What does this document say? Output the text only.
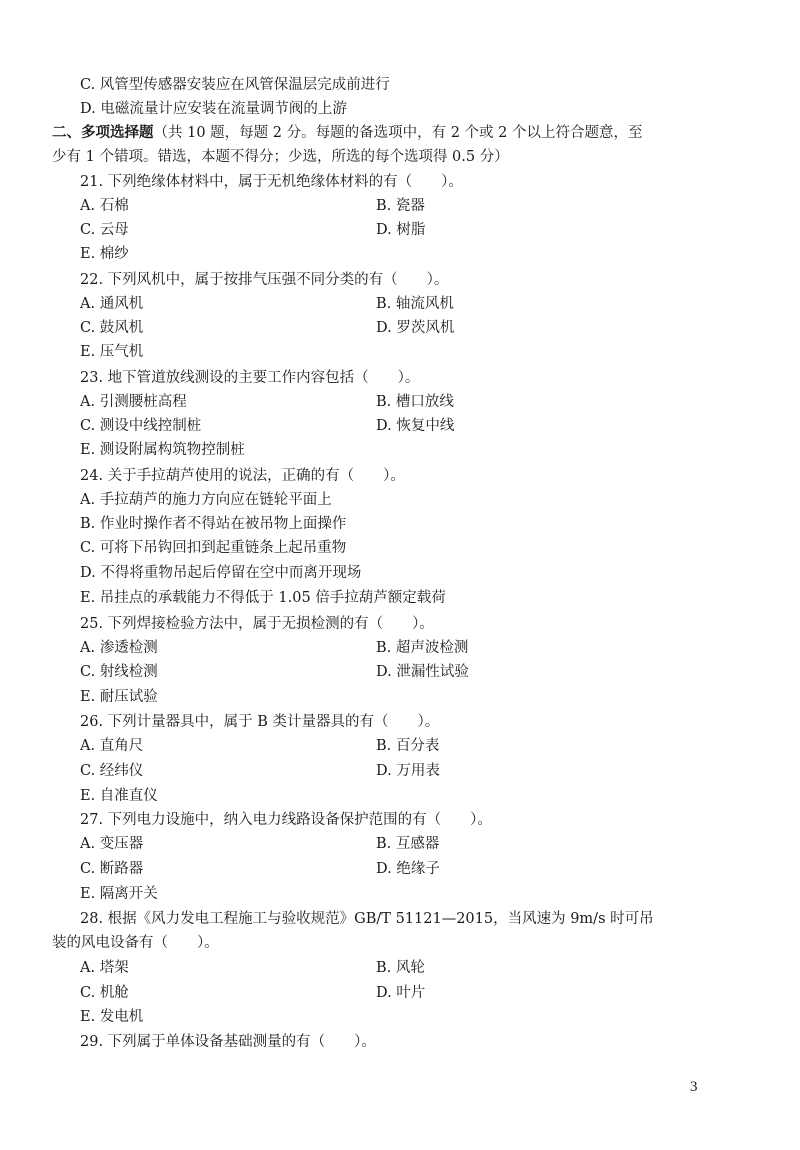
C. 风管型传感器安装应在风管保温层完成前进行
D. 电磁流量计应安装在流量调节阀的上游
二、多项选择题（共 10 题，每题 2 分。每题的备选项中，有 2 个或 2 个以上符合题意，至
少有 1 个错项。错选，本题不得分；少选，所选的每个选项得 0.5 分）
21. 下列绝缘体材料中，属于无机绝缘体材料的有（　　）。
A. 石棉	B. 瓷器
C. 云母	D. 树脂
E. 棉纱
22. 下列风机中，属于按排气压强不同分类的有（　　）。
A. 通风机	B. 轴流风机
C. 鼓风机	D. 罗茨风机
E. 压气机
23. 地下管道放线测设的主要工作内容包括（　　）。
A. 引测腰桩高程	B. 槽口放线
C. 测设中线控制桩	D. 恢复中线
E. 测设附属构筑物控制桩
24. 关于手拉葫芦使用的说法，正确的有（　　）。
A. 手拉葫芦的施力方向应在链轮平面上
B. 作业时操作者不得站在被吊物上面操作
C. 可将下吊钩回扣到起重链条上起吊重物
D. 不得将重物吊起后停留在空中而离开现场
E. 吊挂点的承载能力不得低于 1.05 倍手拉葫芦额定载荷
25. 下列焊接检验方法中，属于无损检测的有（　　）。
A. 渗透检测	B. 超声波检测
C. 射线检测	D. 泄漏性试验
E. 耐压试验
26. 下列计量器具中，属于 B 类计量器具的有（　　）。
A. 直角尺	B. 百分表
C. 经纬仪	D. 万用表
E. 自准直仪
27. 下列电力设施中，纳入电力线路设备保护范围的有（　　）。
A. 变压器	B. 互感器
C. 断路器	D. 绝缘子
E. 隔离开关
28. 根据《风力发电工程施工与验收规范》GB/T 51121—2015，当风速为 9m/s 时可吊
装的风电设备有（　　）。
A. 塔架	B. 风轮
C. 机舱	D. 叶片
E. 发电机
29. 下列属于单体设备基础测量的有（　　）。
3
